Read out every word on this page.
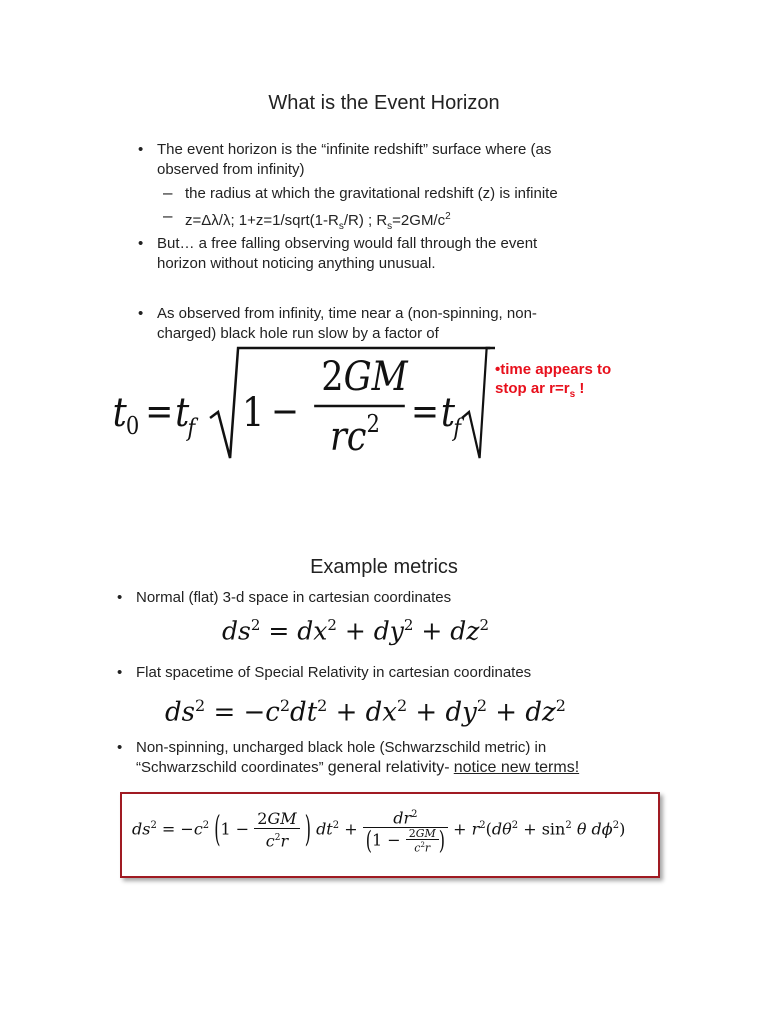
What is the Event Horizon
• The event horizon is the “infinite redshift” surface where (as
observed from infinity)
– the radius at which the gravitational redshift (z) is infinite
– z=Δλ/λ; $1+z=1/sqrt(1-R_s/R)$ ; $R_s=2GM/c^2$
• But… a free falling observing would fall through the event
horizon without noticing anything unusual.
• As observed from infinity, time near a (non-spinning, non-
charged) black hole run slow by a factor of
t 0 = t
f 1 −
2GM
$rc^2 = t$
f
•time appears to
stop ar $r=r_s$ !
Example metrics
• Normal (flat) 3-d space in cartesian coordinates
$ds^2 = dx^2 + dy^2 + dz^2$
• Flat spacetime of Special Relativity in cartesian coordinates
$ds^2 = -c^2dt^2 + dx^2 + dy^2 + dz^2$
• Non-spinning, uncharged black hole (Schwarzschild metric) in
“Schwarzschild coordinates” general relativity- notice new terms!
$ds^2 = -c^2$ ($1 - \frac{2GM}{c^2r}$ ) $dt^2 + \frac{dr^2}{(1 - \frac{2GM}{c^2r} )} + r^2(d\theta^2 + \sin^2 \theta$ $d\phi^2$)
